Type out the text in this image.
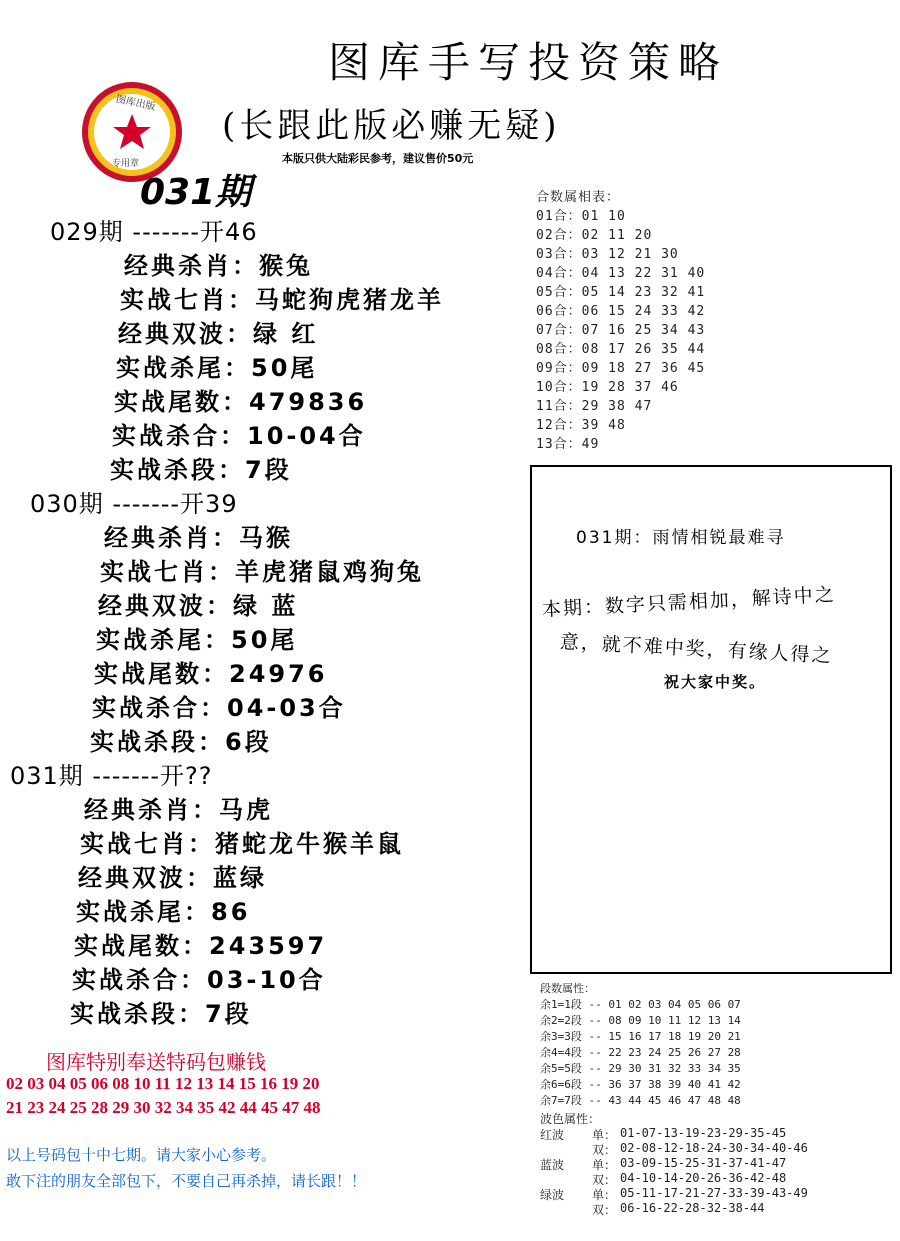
图库出版
专用章
图库手写投资策略
(长跟此版必赚无疑)
本版只供大陆彩民参考，建议售价50元
031期
029期 -------开46
经典杀肖：猴兔
实战七肖：马蛇狗虎猪龙羊
经典双波：绿 红
实战杀尾：50尾
实战尾数：479836
实战杀合：10-04合
实战杀段：7段
030期 -------开39
经典杀肖：马猴
实战七肖：羊虎猪鼠鸡狗兔
经典双波：绿 蓝
实战杀尾：50尾
实战尾数：24976
实战杀合：04-03合
实战杀段：6段
031期 -------开??
经典杀肖：马虎
实战七肖：猪蛇龙牛猴羊鼠
经典双波：蓝绿
实战杀尾：86
实战尾数：243597
实战杀合：03-10合
实战杀段：7段
合数属相表：
01合：01 10
02合：02 11 20
03合：03 12 21 30
04合：04 13 22 31 40
05合：05 14 23 32 41
06合：06 15 24 33 42
07合：07 16 25 34 43
08合：08 17 26 35 44
09合：09 18 27 36 45
10合：19 28 37 46
11合：29 38 47
12合：39 48
13合：49
031期：雨情相锐最难寻
本期：数字只需相加，解诗中之
意，就不难中奖，有缘人得之
祝大家中奖。
段数属性：
余1=1段 -- 01 02 03 04 05 06 07
余2=2段 -- 08 09 10 11 12 13 14
余3=3段 -- 15 16 17 18 19 20 21
余4=4段 -- 22 23 24 25 26 27 28
余5=5段 -- 29 30 31 32 33 34 35
余6=6段 -- 36 37 38 39 40 41 42
余7=7段 -- 43 44 45 46 47 48 48
波色属性：
红波 单： 01-07-13-19-23-29-35-45
双： 02-08-12-18-24-30-34-40-46
蓝波 单： 03-09-15-25-31-37-41-47
双： 04-10-14-20-26-36-42-48
绿波 单： 05-11-17-21-27-33-39-43-49
双： 06-16-22-28-32-38-44
图库特别奉送特码包赚钱
02 03 04 05 06 08 10 11 12 13 14 15 16 19 20
21 23 24 25 28 29 30 32 34 35 42 44 45 47 48
以上号码包十中七期。请大家小心参考。
敢下注的朋友全部包下，不要自己再杀掉，请长跟！！
